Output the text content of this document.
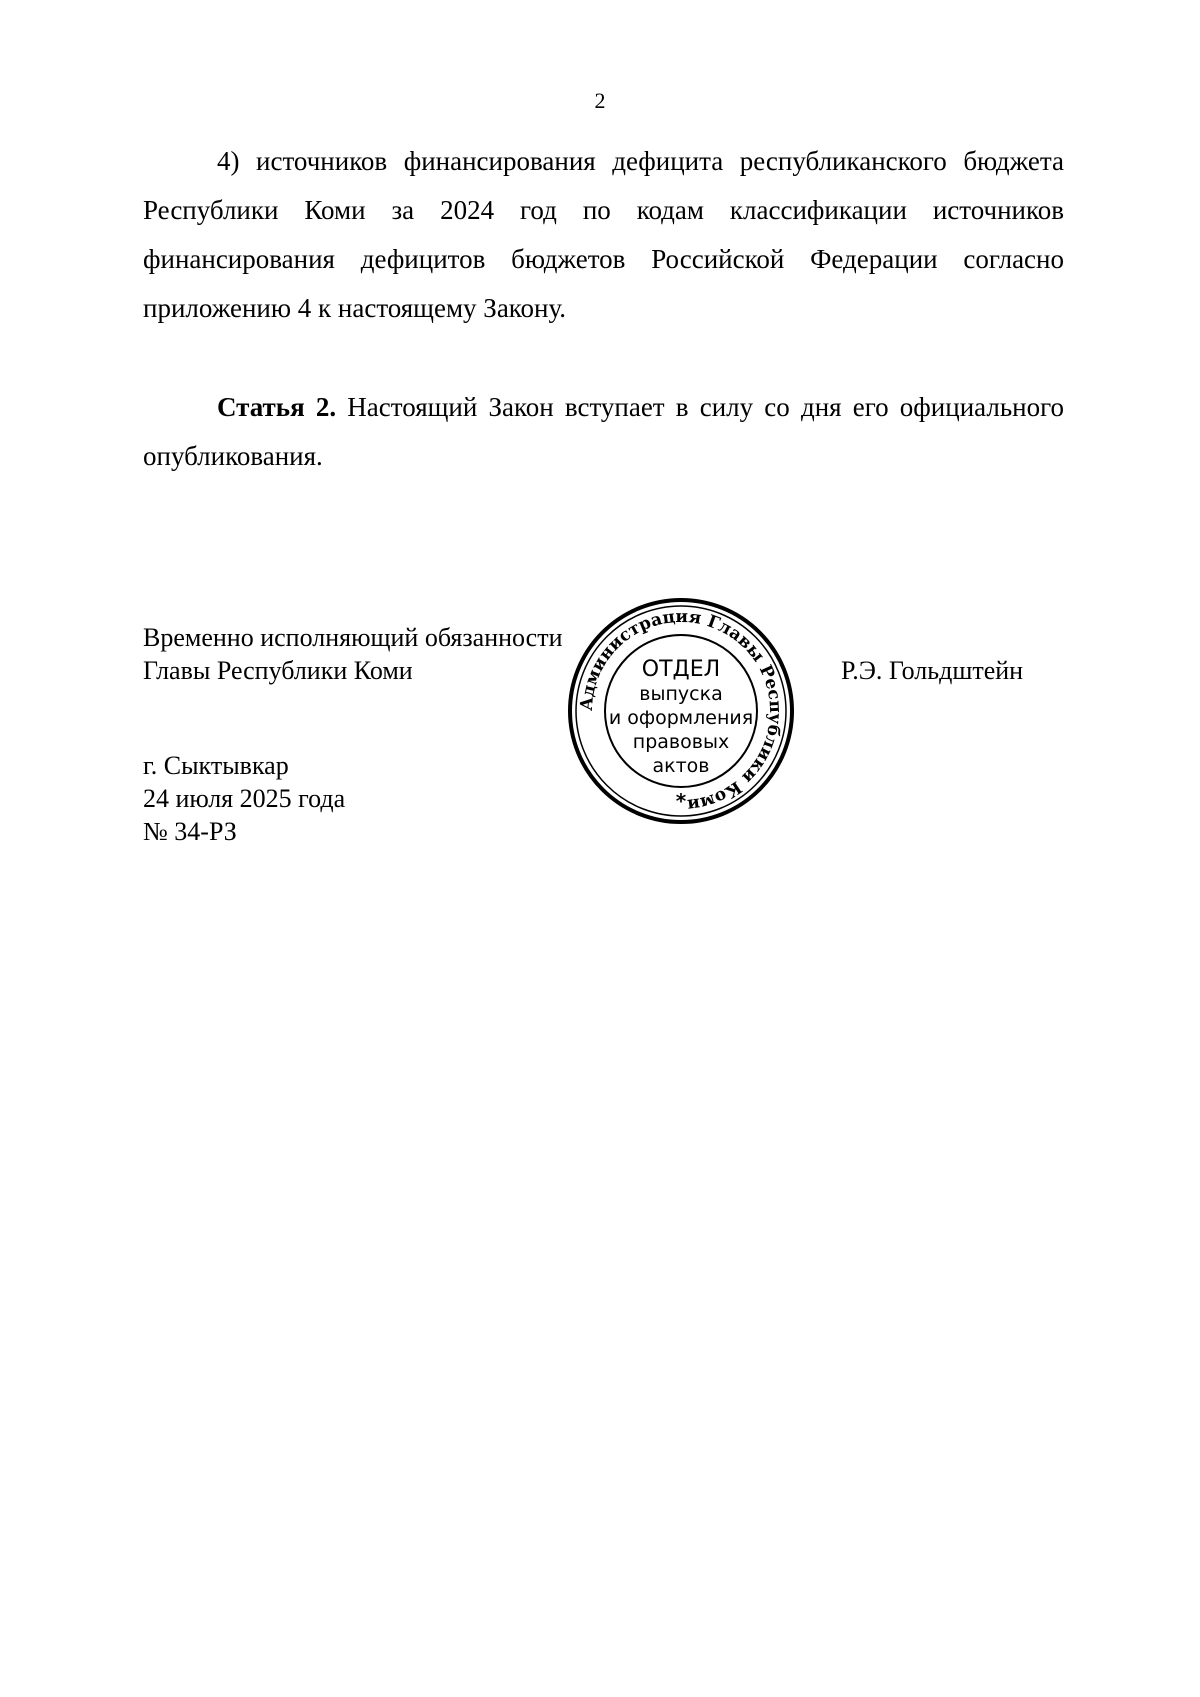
2

4) источников финансирования дефицита республиканского бюджета Республики Коми за 2024 год по кодам классификации источников финансирования дефицитов бюджетов Российской Федерации согласно приложению 4 к настоящему Закону.

Статья 2. Настоящий Закон вступает в силу со дня его официального опубликования.

Временно исполняющий обязанности
Главы Республики Коми	Р.Э. Гольдштейн
г. Сыктывкар
24 июля 2025 года
№ 34-РЗ
Администрация Главы Республики Коми
ОТДЕЛ
выпуска
и оформления
правовых
актов
*
